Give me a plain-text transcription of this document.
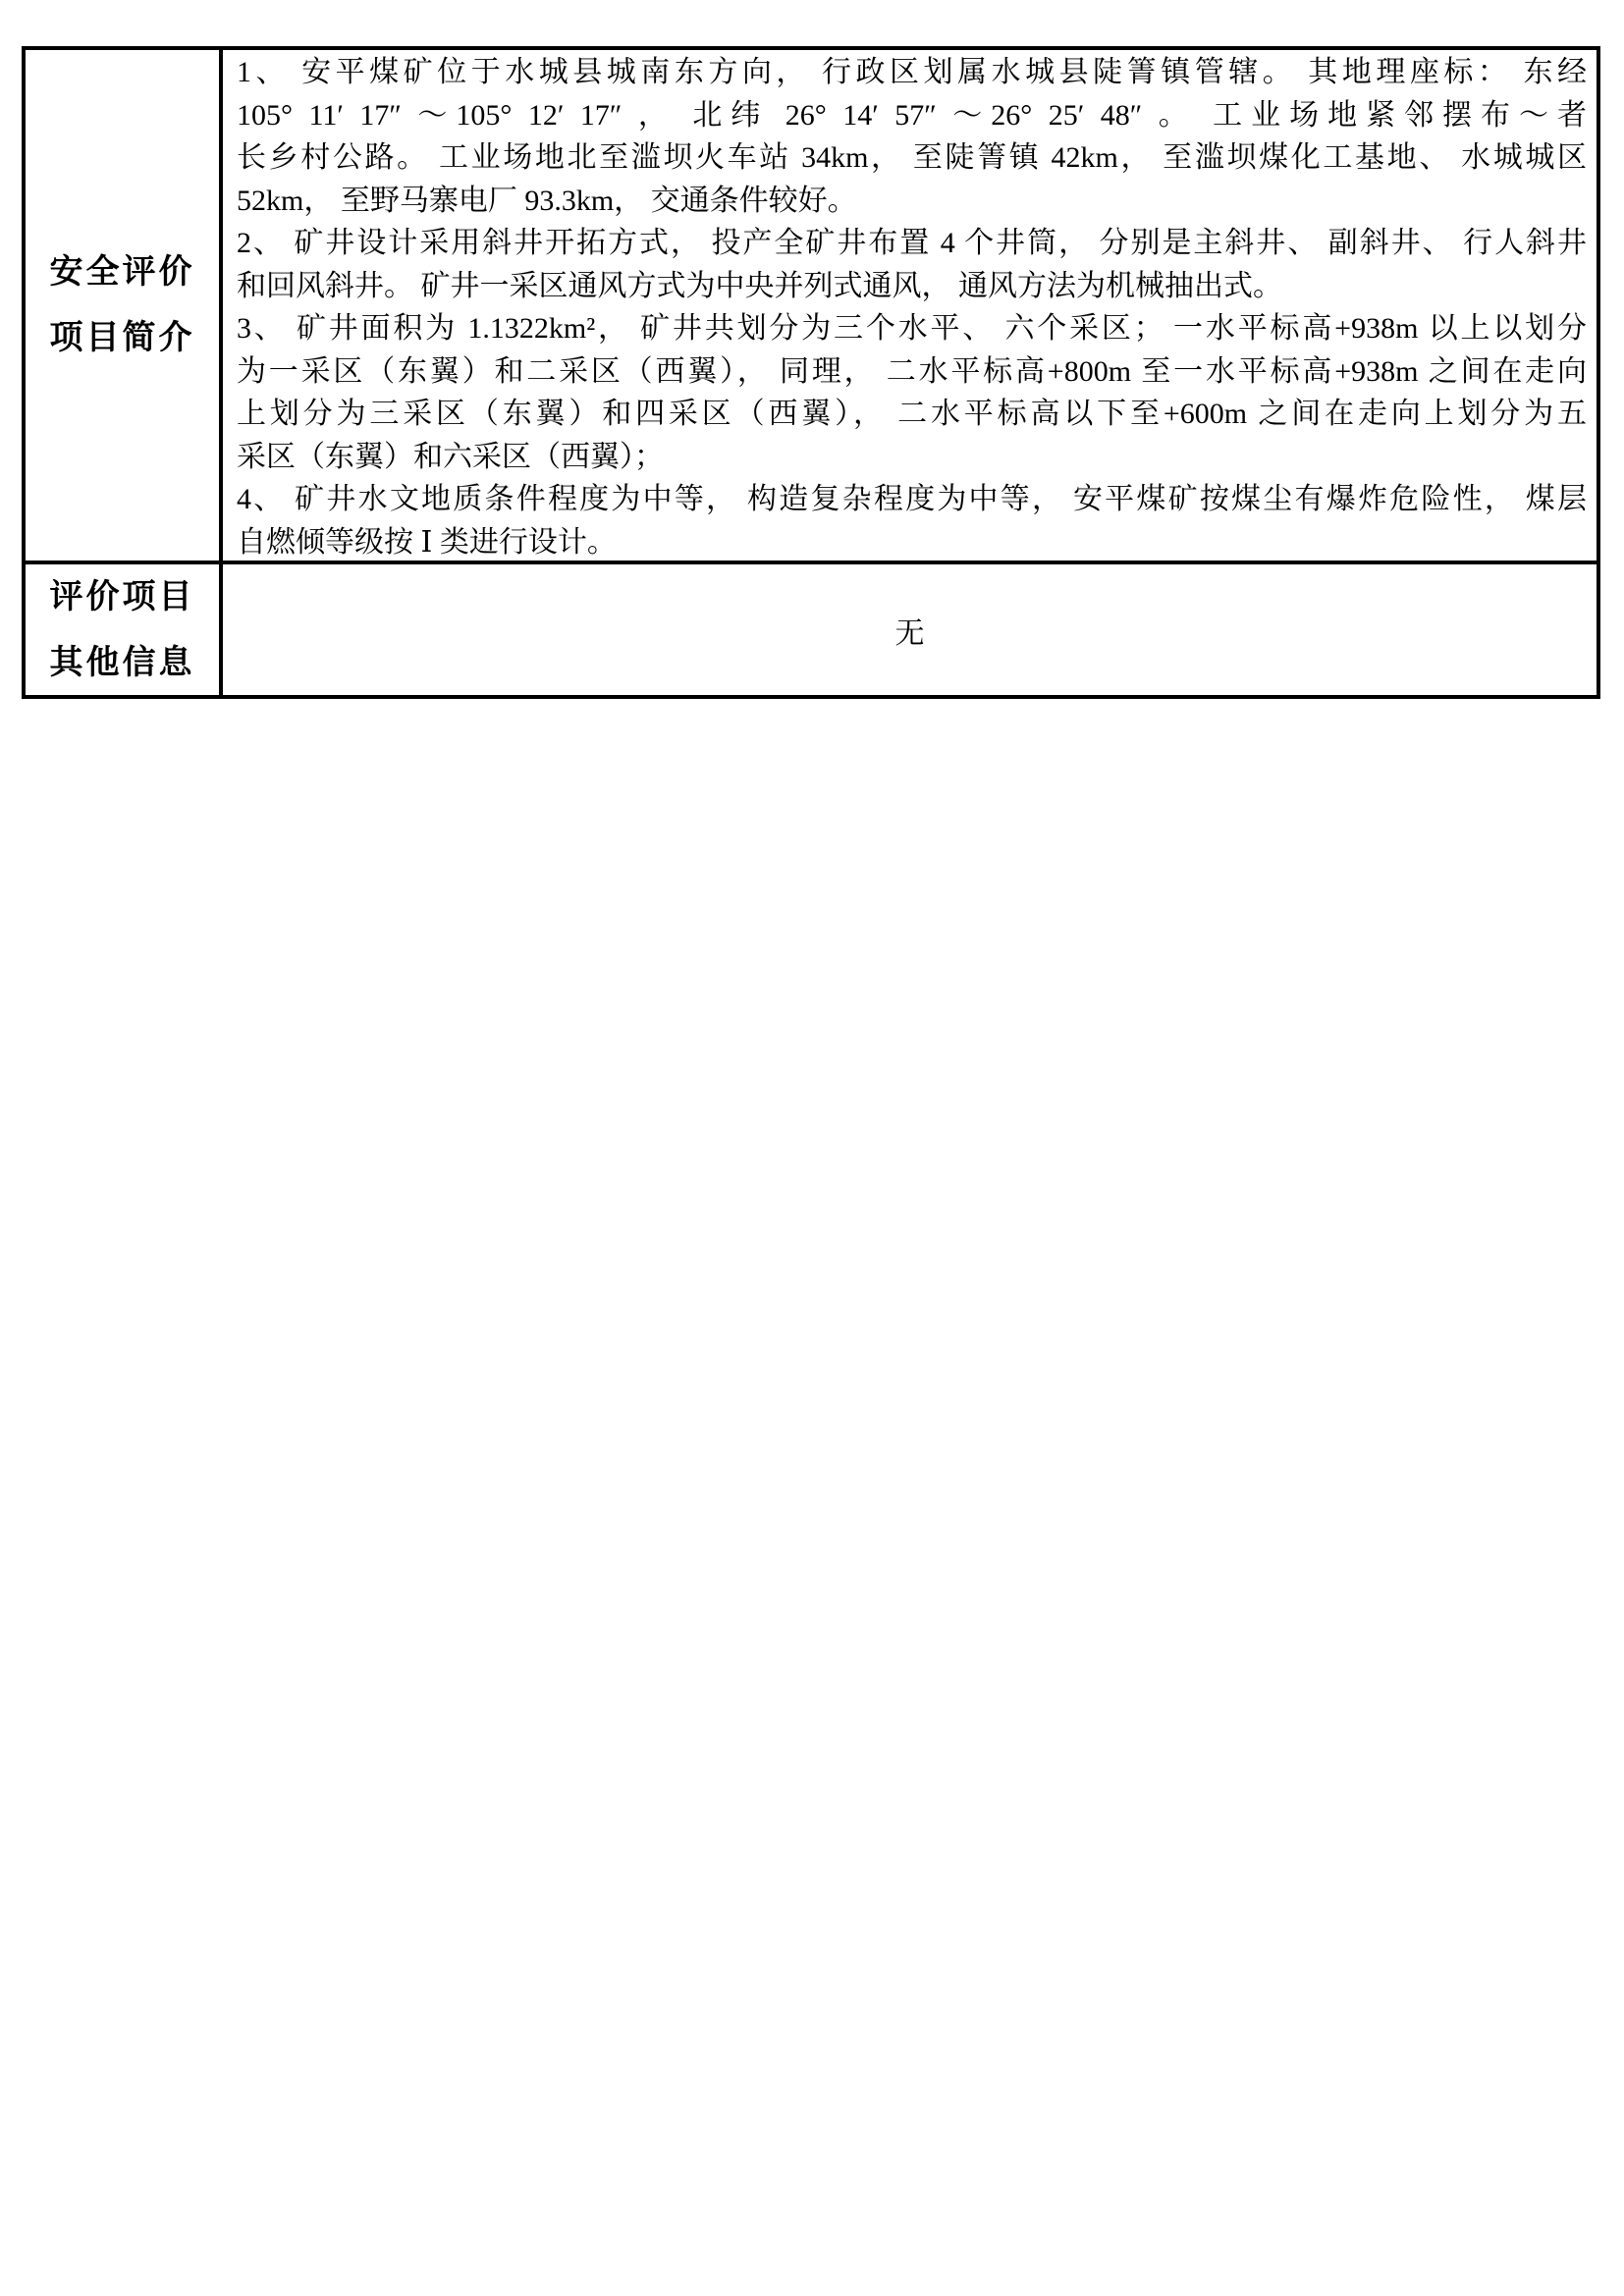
安全评价
项目简介
1、 安平煤矿位于水城县城南东方向， 行政区划属水城县陡箐镇管辖。 其地理座标： 东经
105° 11′ 17″ ～105° 12′ 17″ ， 北纬 26° 14′ 57″ ～26° 25′ 48″ 。 工业场地紧邻摆布～者
长乡村公路。 工业场地北至滥坝火车站 34km， 至陡箐镇 42km， 至滥坝煤化工基地、 水城城区
52km， 至野马寨电厂 93.3km， 交通条件较好。
2、 矿井设计采用斜井开拓方式， 投产全矿井布置 4 个井筒， 分别是主斜井、 副斜井、 行人斜井
和回风斜井。 矿井一采区通风方式为中央并列式通风， 通风方法为机械抽出式。
3、 矿井面积为 1.1322km²， 矿井共划分为三个水平、 六个采区； 一水平标高+938m 以上以划分
为一采区（东翼）和二采区（西翼）， 同理， 二水平标高+800m 至一水平标高+938m 之间在走向
上划分为三采区（东翼）和四采区（西翼）， 二水平标高以下至+600m 之间在走向上划分为五
采区（东翼）和六采区（西翼）；
4、 矿井水文地质条件程度为中等， 构造复杂程度为中等， 安平煤矿按煤尘有爆炸危险性， 煤层
自燃倾等级按 Ⅰ 类进行设计。
评价项目
其他信息
无
